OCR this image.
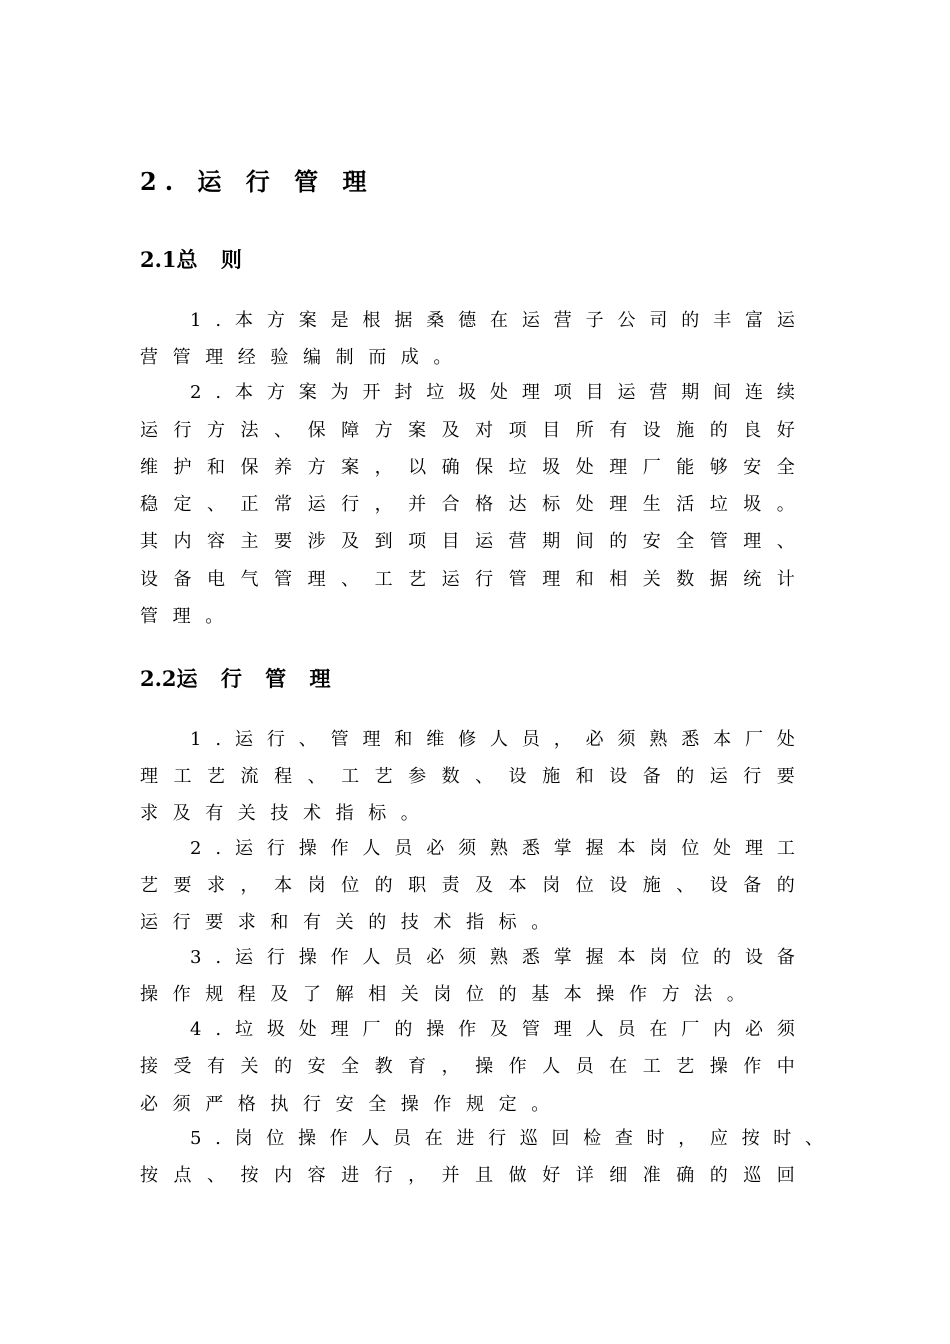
2. 运 行 管 理
2.1总 则
1 . 本 方 案 是 根 据 桑 德 在 运 营 子 公 司 的 丰 富 运
营管理经验编制而成。
2 . 本 方 案 为 开 封 垃 圾 处 理 项 目 运 营 期 间 连 续
运 行 方 法 、 保 障 方 案 及 对 项 目 所 有 设 施 的 良 好
维 护 和 保 养 方 案 ， 以 确 保 垃 圾 处 理 厂 能 够 安 全
稳 定 、 正 常 运 行 ， 并 合 格 达 标 处 理 生 活 垃 圾 。
其 内 容 主 要 涉 及 到 项 目 运 营 期 间 的 安 全 管 理 、
设 备 电 气 管 理 、 工 艺 运 行 管 理 和 相 关 数 据 统 计
管理。
2.2运 行 管 理
1 . 运 行 、 管 理 和 维 修 人 员 ， 必 须 熟 悉 本 厂 处
理 工 艺 流 程 、 工 艺 参 数 、 设 施 和 设 备 的 运 行 要
求及有关技术指标。
2 . 运 行 操 作 人 员 必 须 熟 悉 掌 握 本 岗 位 处 理 工
艺 要 求 ， 本 岗 位 的 职 责 及 本 岗 位 设 施 、 设 备 的
运行要求和有关的技术指标。
3 . 运 行 操 作 人 员 必 须 熟 悉 掌 握 本 岗 位 的 设 备
操作规程及了解相关岗位的基本操作方法。
4 . 垃 圾 处 理 厂 的 操 作 及 管 理 人 员 在 厂 内 必 须
接 受 有 关 的 安 全 教 育 ， 操 作 人 员 在 工 艺 操 作 中
必须严格执行安全操作规定。
5 . 岗 位 操 作 人 员 在 进 行 巡 回 检 查 时 ， 应 按 时 、
按 点 、 按 内 容 进 行 ， 并 且 做 好 详 细 准 确 的 巡 回
